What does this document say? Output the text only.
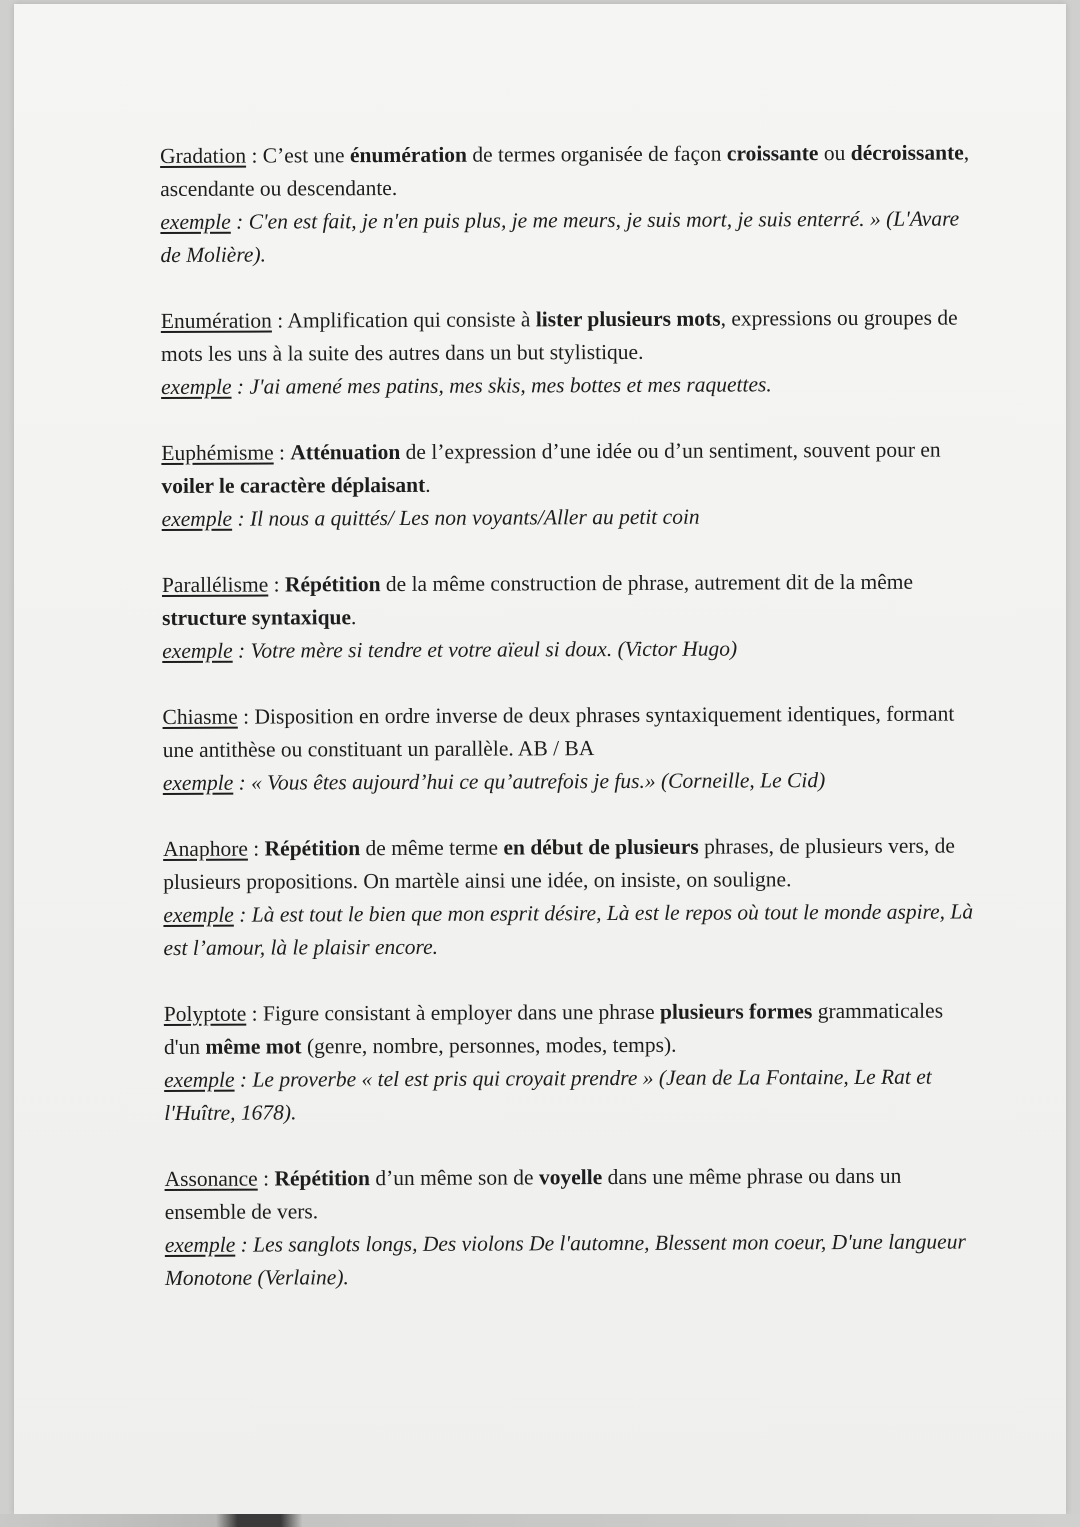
Gradation : C’est une énumération de termes organisée de façon croissante ou décroissante, ascendante ou descendante.
exemple : C'en est fait, je n'en puis plus, je me meurs, je suis mort, je suis enterré. » (L'Avare de Molière).
Enumération : Amplification qui consiste à lister plusieurs mots, expressions ou groupes de mots les uns à la suite des autres dans un but stylistique.
exemple : J'ai amené mes patins, mes skis, mes bottes et mes raquettes.
Euphémisme : Atténuation de l’expression d’une idée ou d’un sentiment, souvent pour en voiler le caractère déplaisant.
exemple : Il nous a quittés/ Les non voyants/Aller au petit coin
Parallélisme : Répétition de la même construction de phrase, autrement dit de la même structure syntaxique.
exemple : Votre mère si tendre et votre aïeul si doux. (Victor Hugo)
Chiasme : Disposition en ordre inverse de deux phrases syntaxiquement identiques, formant une antithèse ou constituant un parallèle. AB / BA
exemple : « Vous êtes aujourd’hui ce qu’autrefois je fus.» (Corneille, Le Cid)
Anaphore : Répétition de même terme en début de plusieurs phrases, de plusieurs vers, de plusieurs propositions. On martèle ainsi une idée, on insiste, on souligne.
exemple : Là est tout le bien que mon esprit désire, Là est le repos où tout le monde aspire, Là est l’amour, là le plaisir encore.
Polyptote : Figure consistant à employer dans une phrase plusieurs formes grammaticales d'un même mot (genre, nombre, personnes, modes, temps).
exemple : Le proverbe « tel est pris qui croyait prendre » (Jean de La Fontaine, Le Rat et l'Huître, 1678).
Assonance : Répétition d’un même son de voyelle dans une même phrase ou dans un ensemble de vers.
exemple : Les sanglots longs, Des violons De l'automne, Blessent mon coeur, D'une langueur Monotone (Verlaine).
